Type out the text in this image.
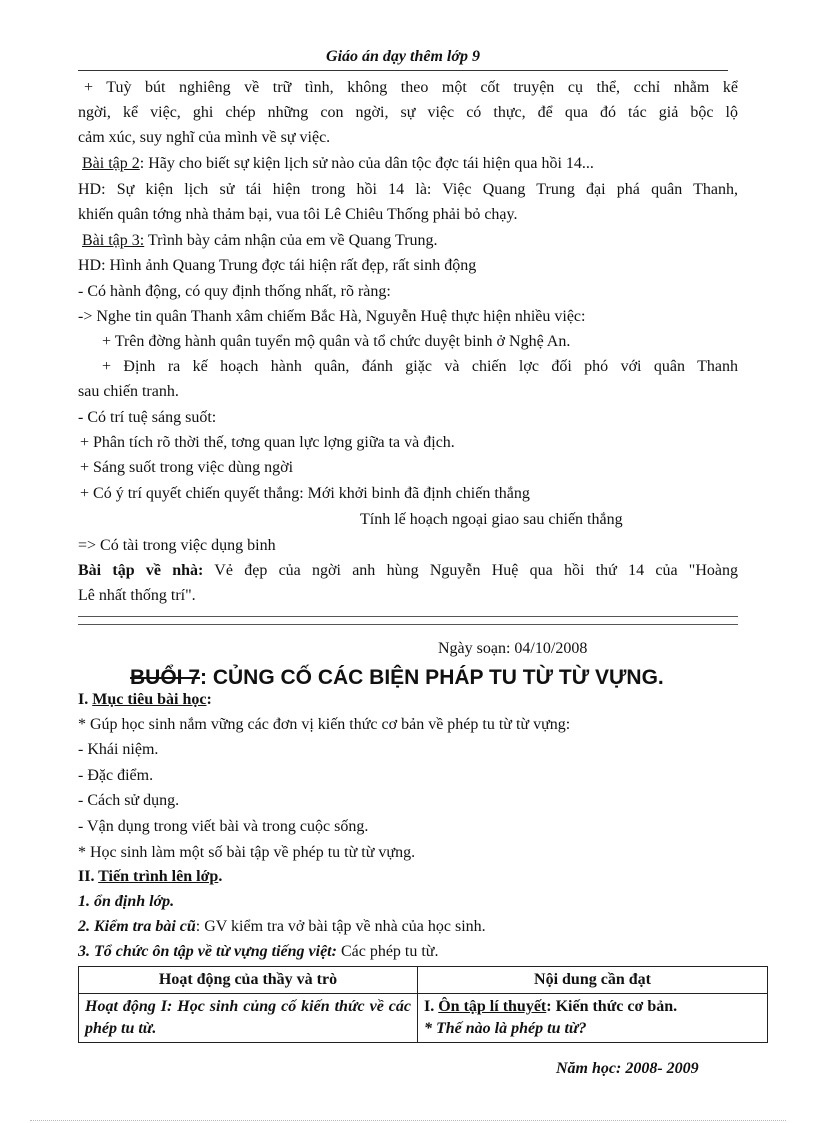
Giáo án dạy thêm lớp 9
+ Tuỳ bút nghiêng về trữ tình, không theo một cốt truyện cụ thể, cchỉ nhằm kể
ngời, kể việc, ghi chép những con ngời, sự việc có thực, để qua đó tác giả bộc lộ
cảm xúc, suy nghĩ của mình về sự việc.
Bài tập 2: Hãy cho biết sự kiện lịch sử nào của dân tộc đợc tái hiện qua hồi 14...
HD: Sự kiện lịch sử tái hiện trong hồi 14 là: Việc Quang Trung đại phá quân Thanh,
khiến quân tớng nhà thảm bại, vua tôi Lê Chiêu Thống phải bỏ chạy.
Bài tập 3: Trình bày cảm nhận của em về Quang Trung.
HD: Hình ảnh Quang Trung đợc tái hiện rất đẹp, rất sinh động
- Có hành động, có quy định thống nhất, rõ ràng:
-> Nghe tin quân Thanh xâm chiếm Bắc Hà, Nguyễn Huệ thực hiện nhiều việc:
+ Trên đờng hành quân tuyển mộ quân và tổ chức duyệt binh ở Nghệ An.
+ Định ra kế hoạch hành quân, đánh giặc và chiến lợc đối phó với quân Thanh
sau chiến tranh.
- Có trí tuệ sáng suốt:
+ Phân tích rõ thời thế, tơng quan lực lợng giữa ta và địch.
+ Sáng suốt trong việc dùng ngời
+ Có ý trí quyết chiến quyết thắng: Mới khởi binh đã định chiến thắng
Tính lế hoạch ngoại giao sau chiến thắng
=> Có tài trong việc dụng binh
Bài tập về nhà: Vẻ đẹp của ngời anh hùng Nguyễn Huệ qua hồi thứ 14 của "Hoàng
Lê nhất thống trí".
Ngày soạn: 04/10/2008
BUỔI 7: CỦNG CỐ CÁC BIỆN PHÁP TU TỪ TỪ VỰNG.
I. Mục tiêu bài học:
* Gúp học sinh nắm vững các đơn vị kiến thức cơ bản về phép tu từ từ vựng:
- Khái niệm.
- Đặc điểm.
- Cách sử dụng.
- Vận dụng trong viết bài và trong cuộc sống.
* Học sinh làm một số bài tập về phép tu từ từ vựng.
II. Tiến trình lên lớp.
1. ổn định lớp.
2. Kiểm tra bài cũ: GV kiểm tra vở bài tập về nhà của học sinh.
3. Tổ chức ôn tập về từ vựng tiếng việt: Các phép tu từ.
Hoạt động của thầy và trò	Nội dung cần đạt
Hoạt động I: Học sinh củng cố kiến thức về các phép tu từ.	I. Ôn tập lí thuyết: Kiến thức cơ bản.
* Thế nào là phép tu từ?
Năm học: 2008- 2009
